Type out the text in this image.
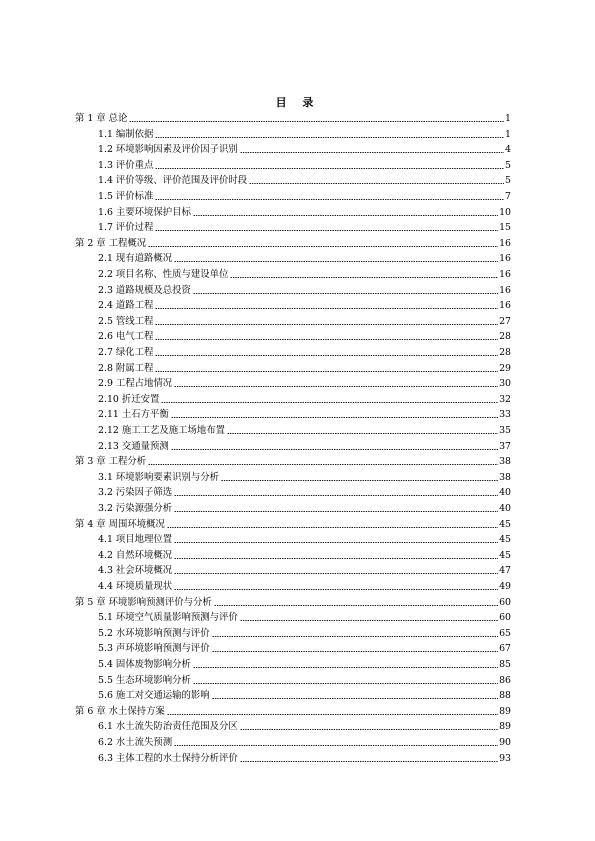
目 录
第 1 章 总论	1
1.1 编制依据	1
1.2 环境影响因素及评价因子识别	4
1.3 评价重点	5
1.4 评价等级、评价范围及评价时段	5
1.5 评价标准	7
1.6 主要环境保护目标	10
1.7 评价过程	15
第 2 章 工程概况	16
2.1 现有道路概况	16
2.2 项目名称、性质与建设单位	16
2.3 道路规模及总投资	16
2.4 道路工程	16
2.5 管线工程	27
2.6 电气工程	28
2.7 绿化工程	28
2.8 附属工程	29
2.9 工程占地情况	30
2.10 折迁安置	32
2.11 土石方平衡	33
2.12 施工工艺及施工场地布置	35
2.13 交通量预测	37
第 3 章 工程分析	38
3.1 环境影响要素识别与分析	38
3.2 污染因子筛选	40
3.2 污染源强分析	40
第 4 章 周围环境概况	45
4.1 项目地理位置	45
4.2 自然环境概况	45
4.3 社会环境概况	47
4.4 环境质量现状	49
第 5 章 环境影响预测评价与分析	60
5.1 环境空气质量影响预测与评价	60
5.2 水环境影响预测与评价	65
5.3 声环境影响预测与评价	67
5.4 固体废物影响分析	85
5.5 生态环境影响分析	86
5.6 施工对交通运输的影响	88
第 6 章 水土保持方案	89
6.1 水土流失防治责任范围及分区	89
6.2 水土流失预测	90
6.3 主体工程的水土保持分析评价	93
